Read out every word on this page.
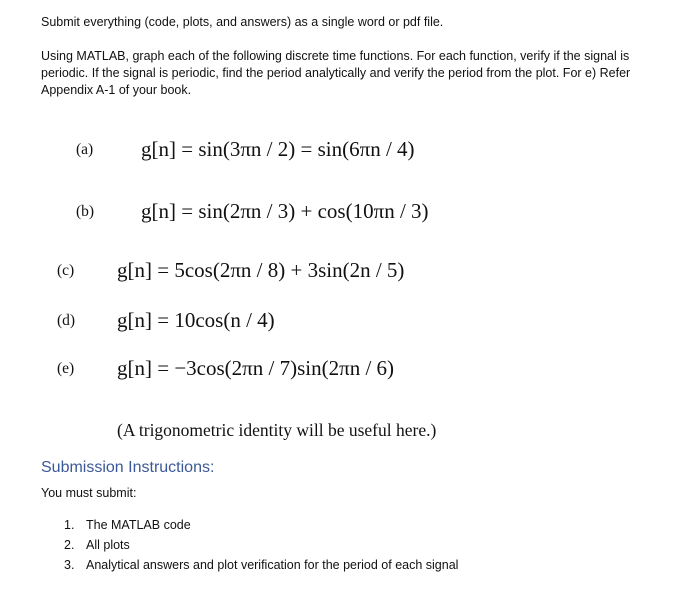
Submit everything (code, plots, and answers) as a single word or pdf file.
Using MATLAB, graph each of the following discrete time functions. For each function, verify if the signal is periodic. If the signal is periodic, find the period analytically and verify the period from the plot. For e) Refer Appendix A-1 of your book.
(a) g[n] = sin(3πn / 2) = sin(6πn / 4)
(b) g[n] = sin(2πn / 3) + cos(10πn / 3)
(c) g[n] = 5cos(2πn / 8) + 3sin(2n / 5)
(d) g[n] = 10cos(n / 4)
(e) g[n] = −3cos(2πn / 7)sin(2πn / 6)
(A trigonometric identity will be useful here.)
Submission Instructions:
You must submit:
1. The MATLAB code
2. All plots
3. Analytical answers and plot verification for the period of each signal
